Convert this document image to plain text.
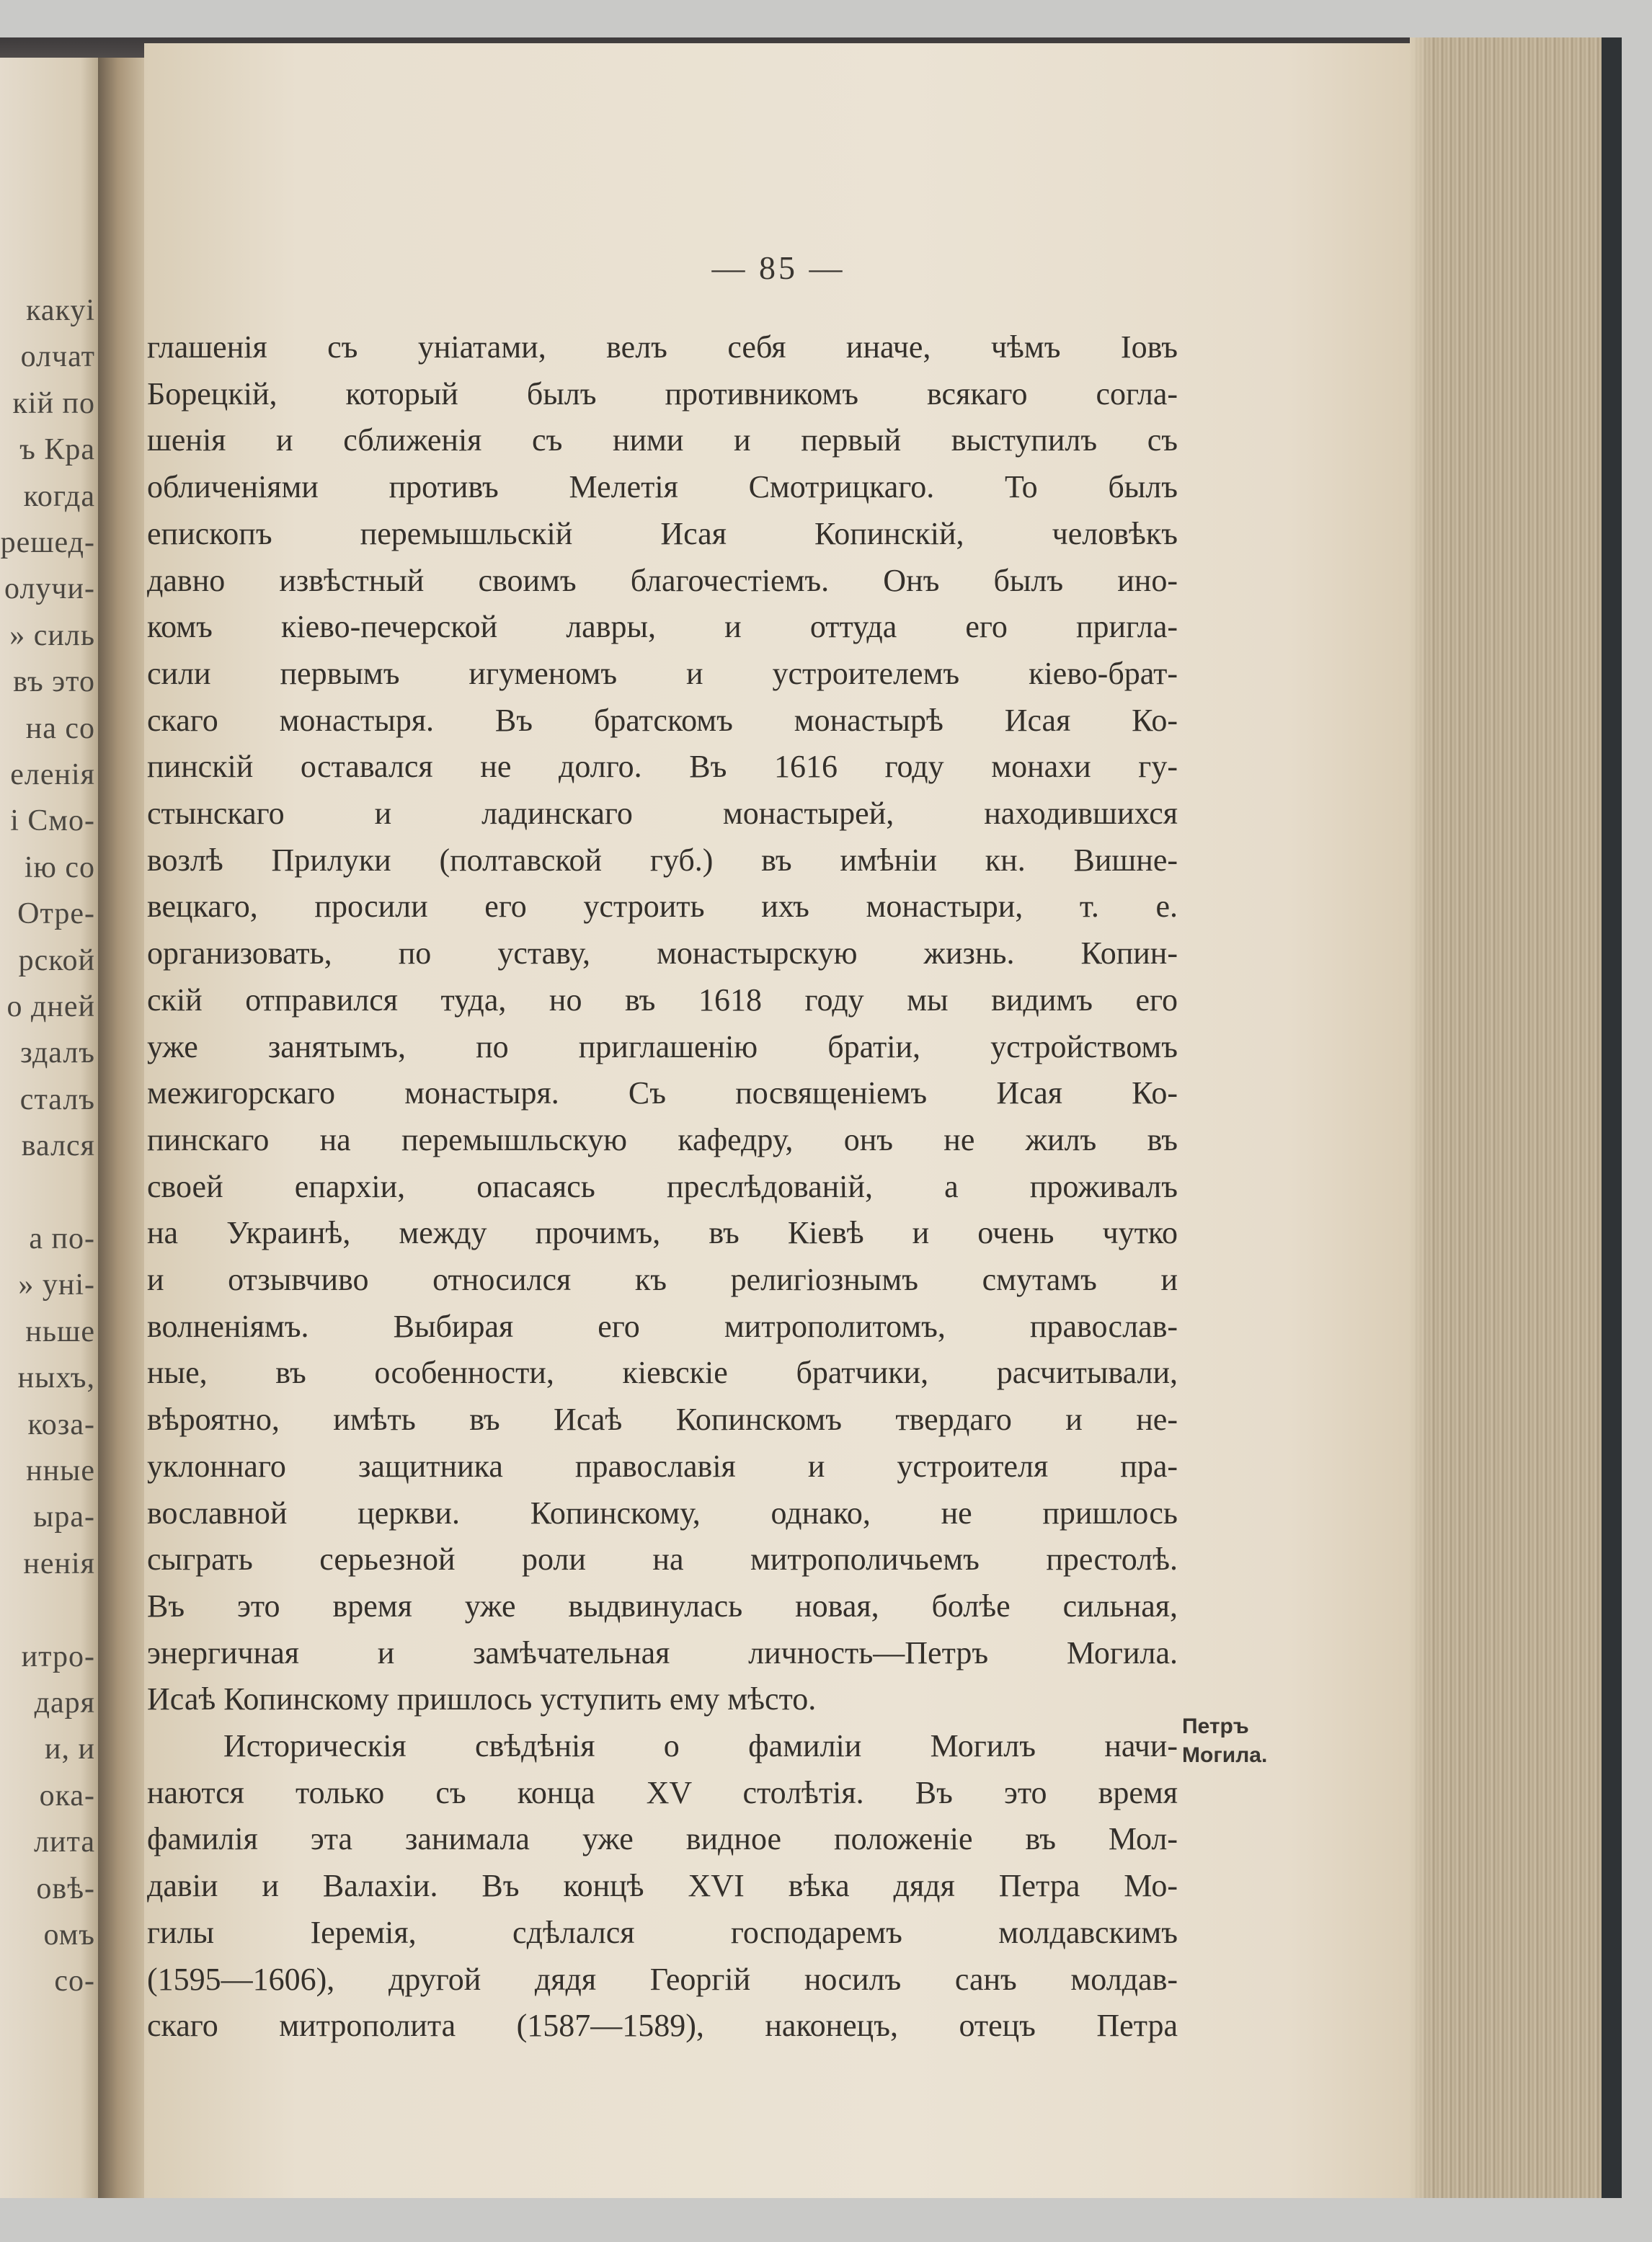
какуі
олчат
кій по
ъ Кра
когда
решед-
олучи-
» силь
въ это
на со
еленія
і Смо-
ію со
Отре-
рской
о дней
здалъ
сталъ
вался
а по-
» уні-
ньше
ныхъ,
коза-
нные
ыра-
ненія
итро-
даря
и, и
ока-
лита
овѣ-
омъ
со-
— 85 —
глашенія съ уніатами, велъ себя иначе, чѣмъ Іовъ
Борецкій, который былъ противникомъ всякаго согла-
шенія и сближенія съ ними и первый выступилъ съ
обличеніями противъ Мелетія Смотрицкаго. То былъ
епископъ перемышльскій Исая Копинскій, человѣкъ
давно извѣстный своимъ благочестіемъ. Онъ былъ ино-
комъ кіево-печерской лавры, и оттуда его пригла-
сили первымъ игуменомъ и устроителемъ кіево-брат-
скаго монастыря. Въ братскомъ монастырѣ Исая Ко-
пинскій оставался не долго. Въ 1616 году монахи гу-
стынскаго и ладинскаго монастырей, находившихся
возлѣ Прилуки (полтавской губ.) въ имѣніи кн. Вишне-
вецкаго, просили его устроить ихъ монастыри, т. е.
организовать, по уставу, монастырскую жизнь. Копин-
скій отправился туда, но въ 1618 году мы видимъ его
уже занятымъ, по приглашенію братіи, устройствомъ
межигорскаго монастыря. Съ посвященіемъ Исая Ко-
пинскаго на перемышльскую кафедру, онъ не жилъ въ
своей епархіи, опасаясь преслѣдованій, а проживалъ
на Украинѣ, между прочимъ, въ Кіевѣ и очень чутко
и отзывчиво относился къ религіознымъ смутамъ и
волненіямъ. Выбирая его митрополитомъ, православ-
ные, въ особенности, кіевскіе братчики, расчитывали,
вѣроятно, имѣть въ Исаѣ Копинскомъ твердаго и не-
уклоннаго защитника православія и устроителя пра-
вославной церкви. Копинскому, однако, не пришлось
сыграть серьезной роли на митрополичьемъ престолѣ.
Въ это время уже выдвинулась новая, болѣе сильная,
энергичная и замѣчательная личность—Петръ Могила.
Исаѣ Копинскому пришлось уступить ему мѣсто.
Историческія свѣдѣнія о фамиліи Могилъ начи-
наются только съ конца XV столѣтія. Въ это время
фамилія эта занимала уже видное положеніе въ Мол-
давіи и Валахіи. Въ концѣ XVI вѣка дядя Петра Мо-
гилы Іеремія, сдѣлался господаремъ молдавскимъ
(1595—1606), другой дядя Георгій носилъ санъ молдав-
скаго митрополита (1587—1589), наконецъ, отецъ Петра
Петръ
Могила.
